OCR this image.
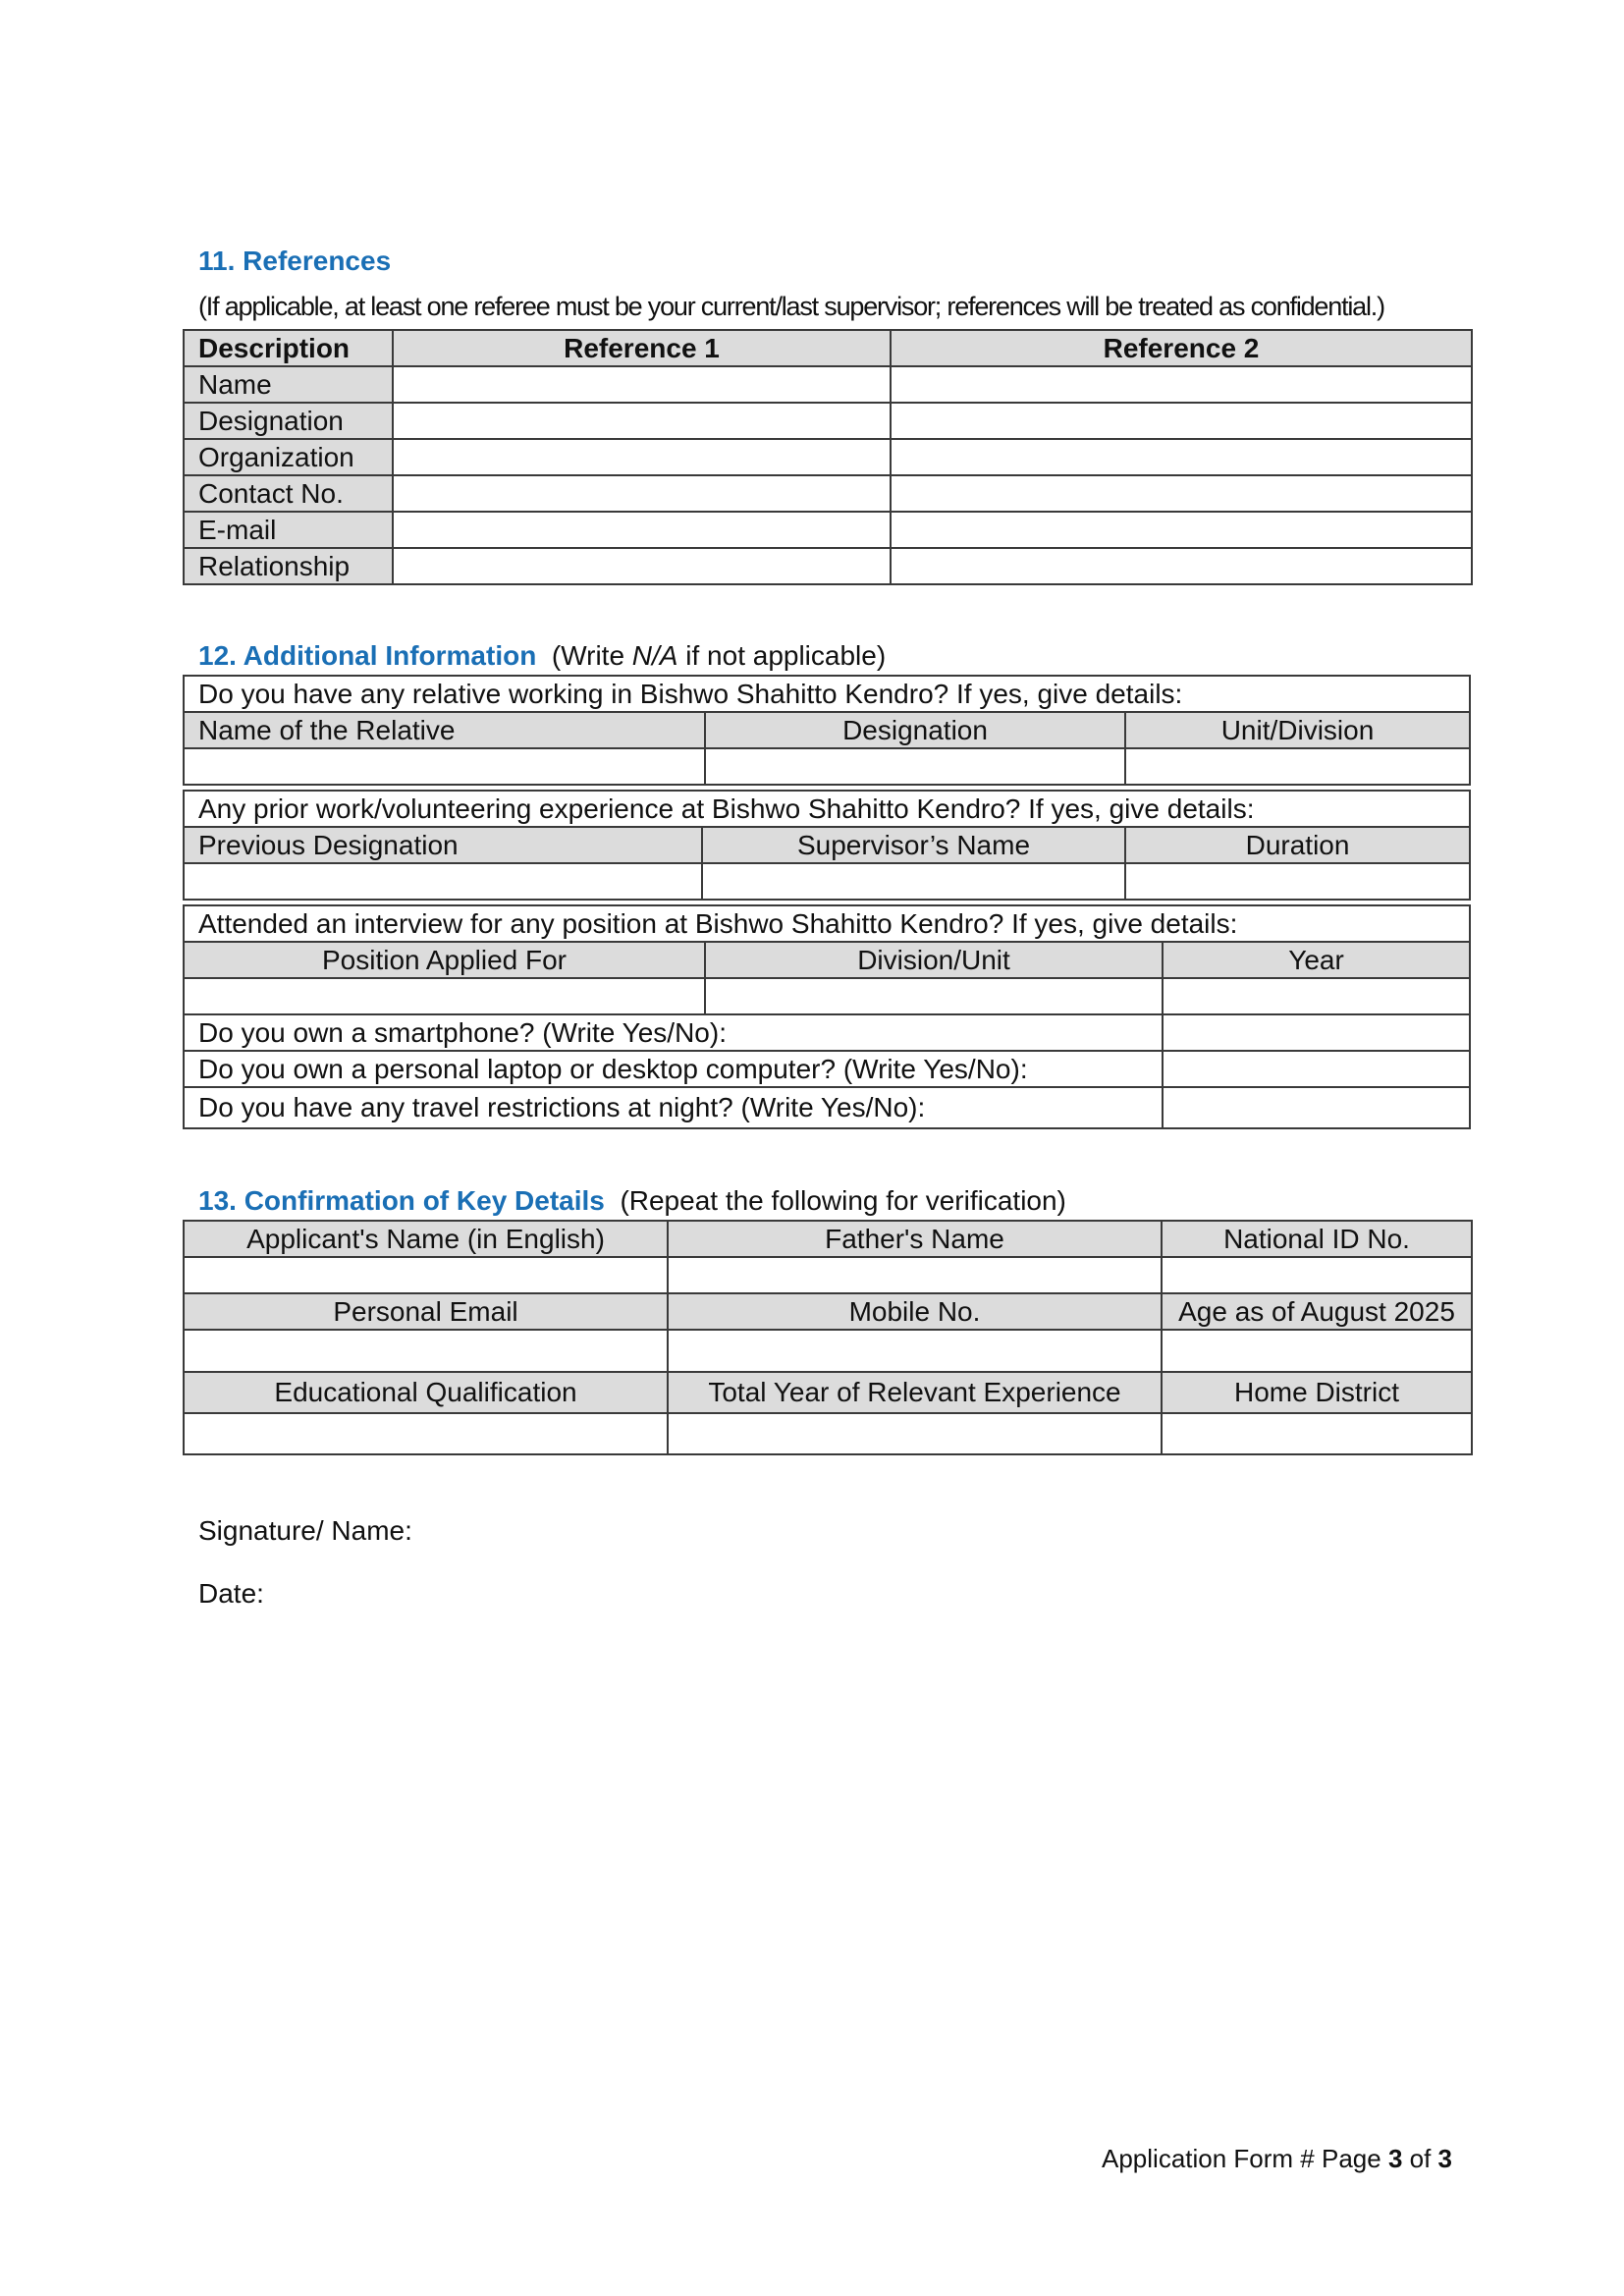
11. References
(If applicable, at least one referee must be your current/last supervisor; references will be treated as confidential.)
Description	Reference 1	Reference 2
Name		
Designation		
Organization		
Contact No.		
E-mail		
Relationship		
12. Additional Information (Write N/A if not applicable)
Do you have any relative working in Bishwo Shahitto Kendro? If yes, give details:		
Name of the Relative	Designation	Unit/Division

Any prior work/volunteering experience at Bishwo Shahitto Kendro? If yes, give details:		
Previous Designation	Supervisor’s Name	Duration

Attended an interview for any position at Bishwo Shahitto Kendro? If yes, give details:		
Position Applied For	Division/Unit	Year

Do you own a smartphone? (Write Yes/No):		
Do you own a personal laptop or desktop computer? (Write Yes/No):		
Do you have any travel restrictions at night? (Write Yes/No):		
13. Confirmation of Key Details (Repeat the following for verification)
Applicant's Name (in English)	Father's Name	National ID No.

Personal Email	Mobile No.	Age as of August 2025

Educational Qualification	Total Year of Relevant Experience	Home District

Signature/ Name:
Date:
Application Form # Page 3 of 3
